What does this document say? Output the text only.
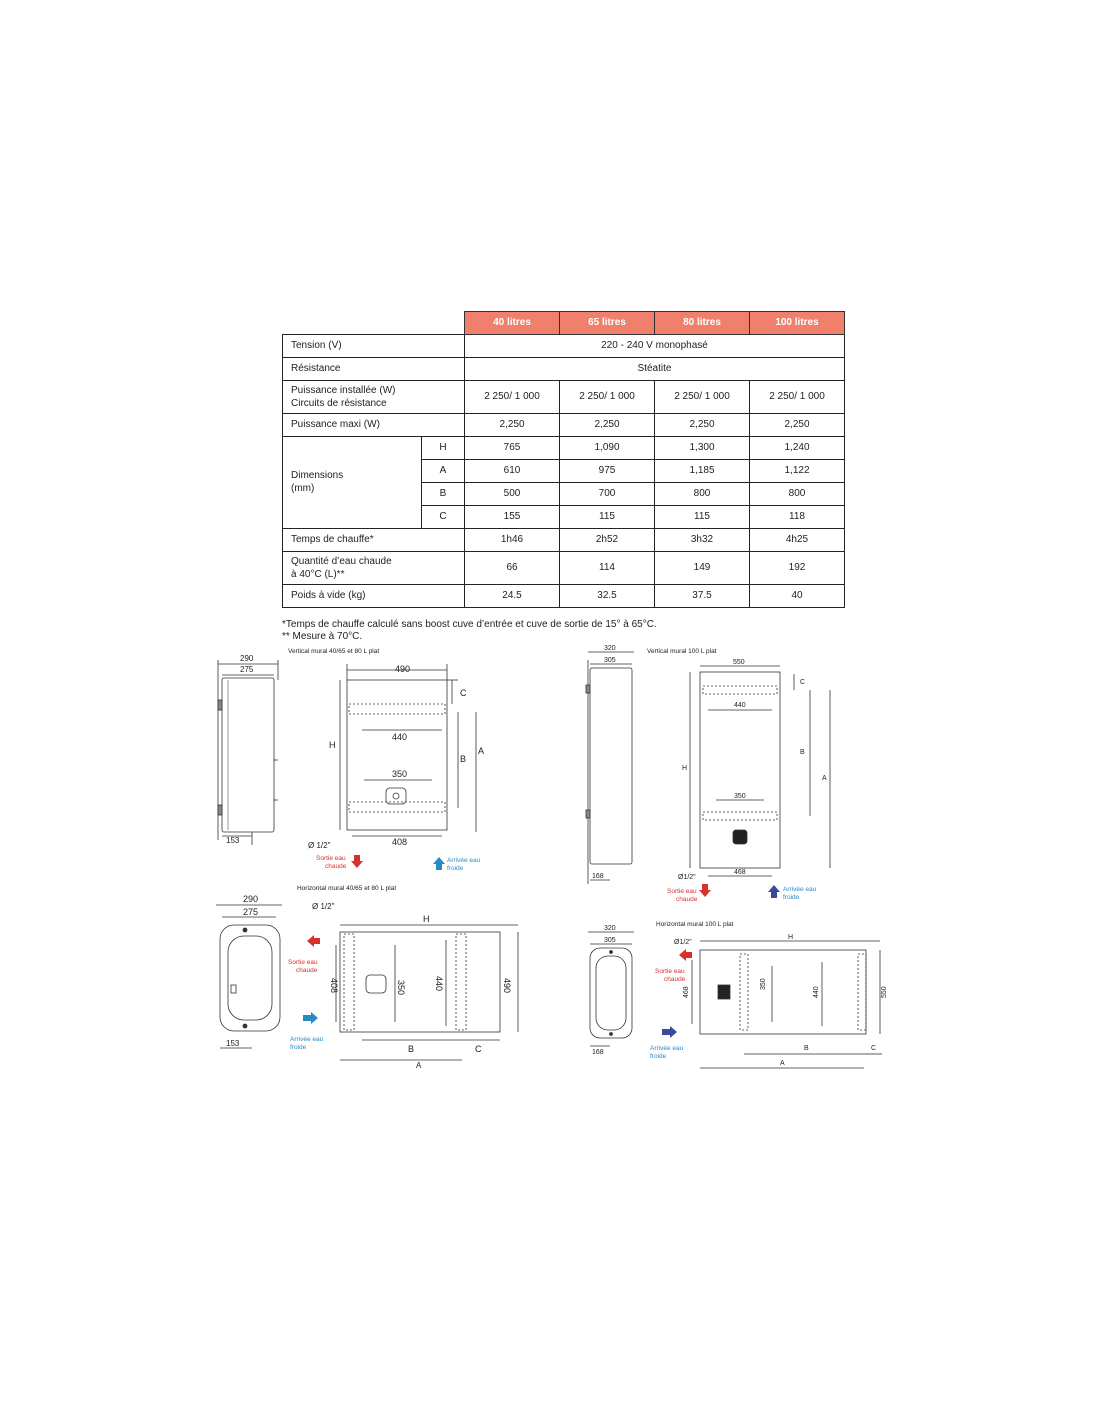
		40 litres	65 litres	80 litres	100 litres
Tension (V)		220 - 240 V monophasé			
Résistance		Stéatite			
Puissance installée (W)
Circuits de résistance		2 250/ 1 000	2 250/ 1 000	2 250/ 1 000	2 250/ 1 000
Puissance maxi (W)		2,250	2,250	2,250	2,250
Dimensions
(mm)	H	765	1,090	1,300	1,240
	A	610	975	1,185	1,122
	B	500	700	800	800
	C	155	115	115	118
Temps de chauffe*		1h46	2h52	3h32	4h25
Quantité d’eau chaude
à 40°C (L)**		66	114	149	192
Poids à vide (kg)		24.5	32.5	37.5	40
*Temps de chauffe calculé sans boost cuve d’entrée et cuve de sortie de 15° à 65°C.
** Mesure à 70°C.
Vertical mural 40/65 et 80 L plat
290
275
153
490
440
350
H
C
B
A
408
Ø 1/2"
Sortie eau
chaude
Arrivée eau
froide
Vertical mural 100 L plat
320
305
168
550
440
350
H
C
B
A
468
Ø1/2"
Sortie eau
chaude
Arrivée eau
froide
Horizontal mural 40/65 et 80 L plat
290
275
153
H
350	440	490
408
B	C
A
Ø 1/2"
Sortie eau
chaude
Arrivée eau
froide
Horizontal mural 100 L plat
320
305
168
H
350
440	550
468
B	C
A
Ø1/2"
Sortie eau
chaude
Arrivée eau
froide
